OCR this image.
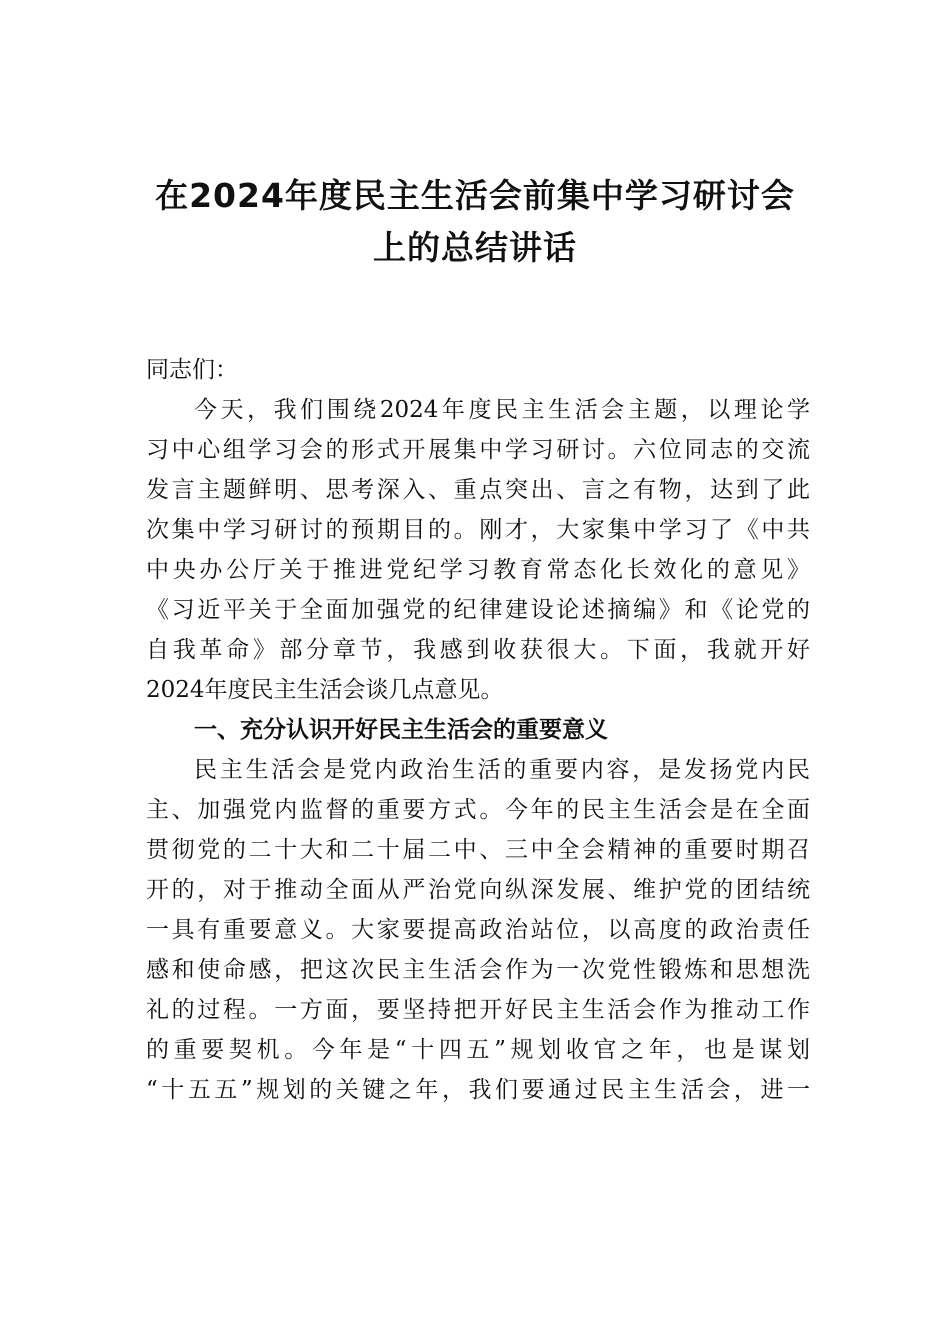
在2024年度民主生活会前集中学习研讨会
上的总结讲话
同志们：
今天，我们围绕2024年度民主生活会主题，以理论学
习中心组学习会的形式开展集中学习研讨。六位同志的交流
发言主题鲜明、思考深入、重点突出、言之有物，达到了此
次集中学习研讨的预期目的。刚才，大家集中学习了《中共
中央办公厅关于推进党纪学习教育常态化长效化的意见》
《习近平关于全面加强党的纪律建设论述摘编》和《论党的
自我革命》部分章节，我感到收获很大。下面，我就开好
2024年度民主生活会谈几点意见。
一、充分认识开好民主生活会的重要意义
民主生活会是党内政治生活的重要内容，是发扬党内民
主、加强党内监督的重要方式。今年的民主生活会是在全面
贯彻党的二十大和二十届二中、三中全会精神的重要时期召
开的，对于推动全面从严治党向纵深发展、维护党的团结统
一具有重要意义。大家要提高政治站位，以高度的政治责任
感和使命感，把这次民主生活会作为一次党性锻炼和思想洗
礼的过程。一方面，要坚持把开好民主生活会作为推动工作
的重要契机。今年是“十四五”规划收官之年，也是谋划
“十五五”规划的关键之年，我们要通过民主生活会，进一
